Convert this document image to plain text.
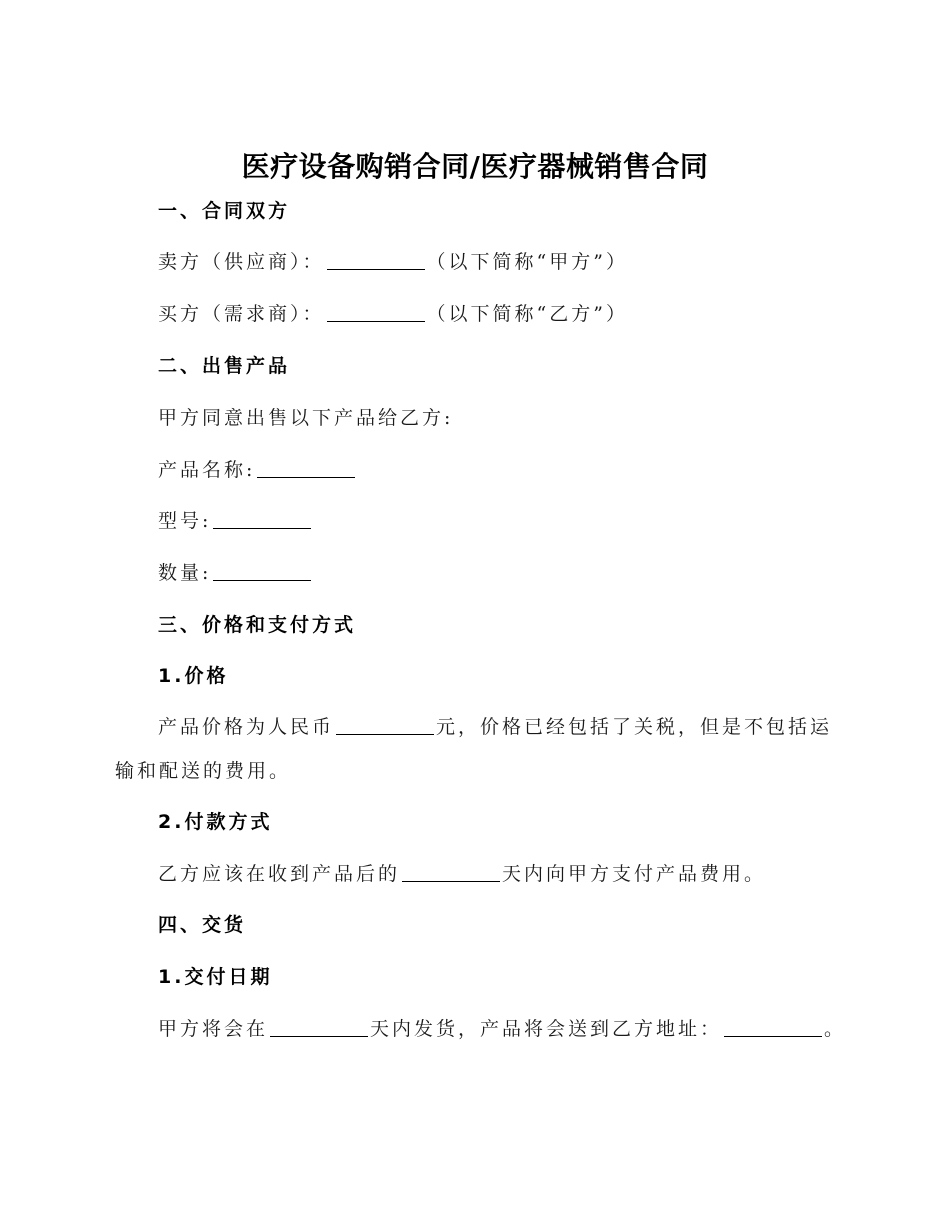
医疗设备购销合同/医疗器械销售合同
一、合同双方
卖方（供应商）：	（以下简称“甲方”）
买方（需求商）：	（以下简称“乙方”）
二、出售产品
甲方同意出售以下产品给乙方:
产品名称:
型号:
数量:
三、价格和支付方式
1.价格
产品价格为人民币	元，价格已经包括了关税，但是不包括运输和配送的费用。
2.付款方式
乙方应该在收到产品后的	天内向甲方支付产品费用。
四、交货
1.交付日期
甲方将会在	天内发货，产品将会送到乙方地址：	。
